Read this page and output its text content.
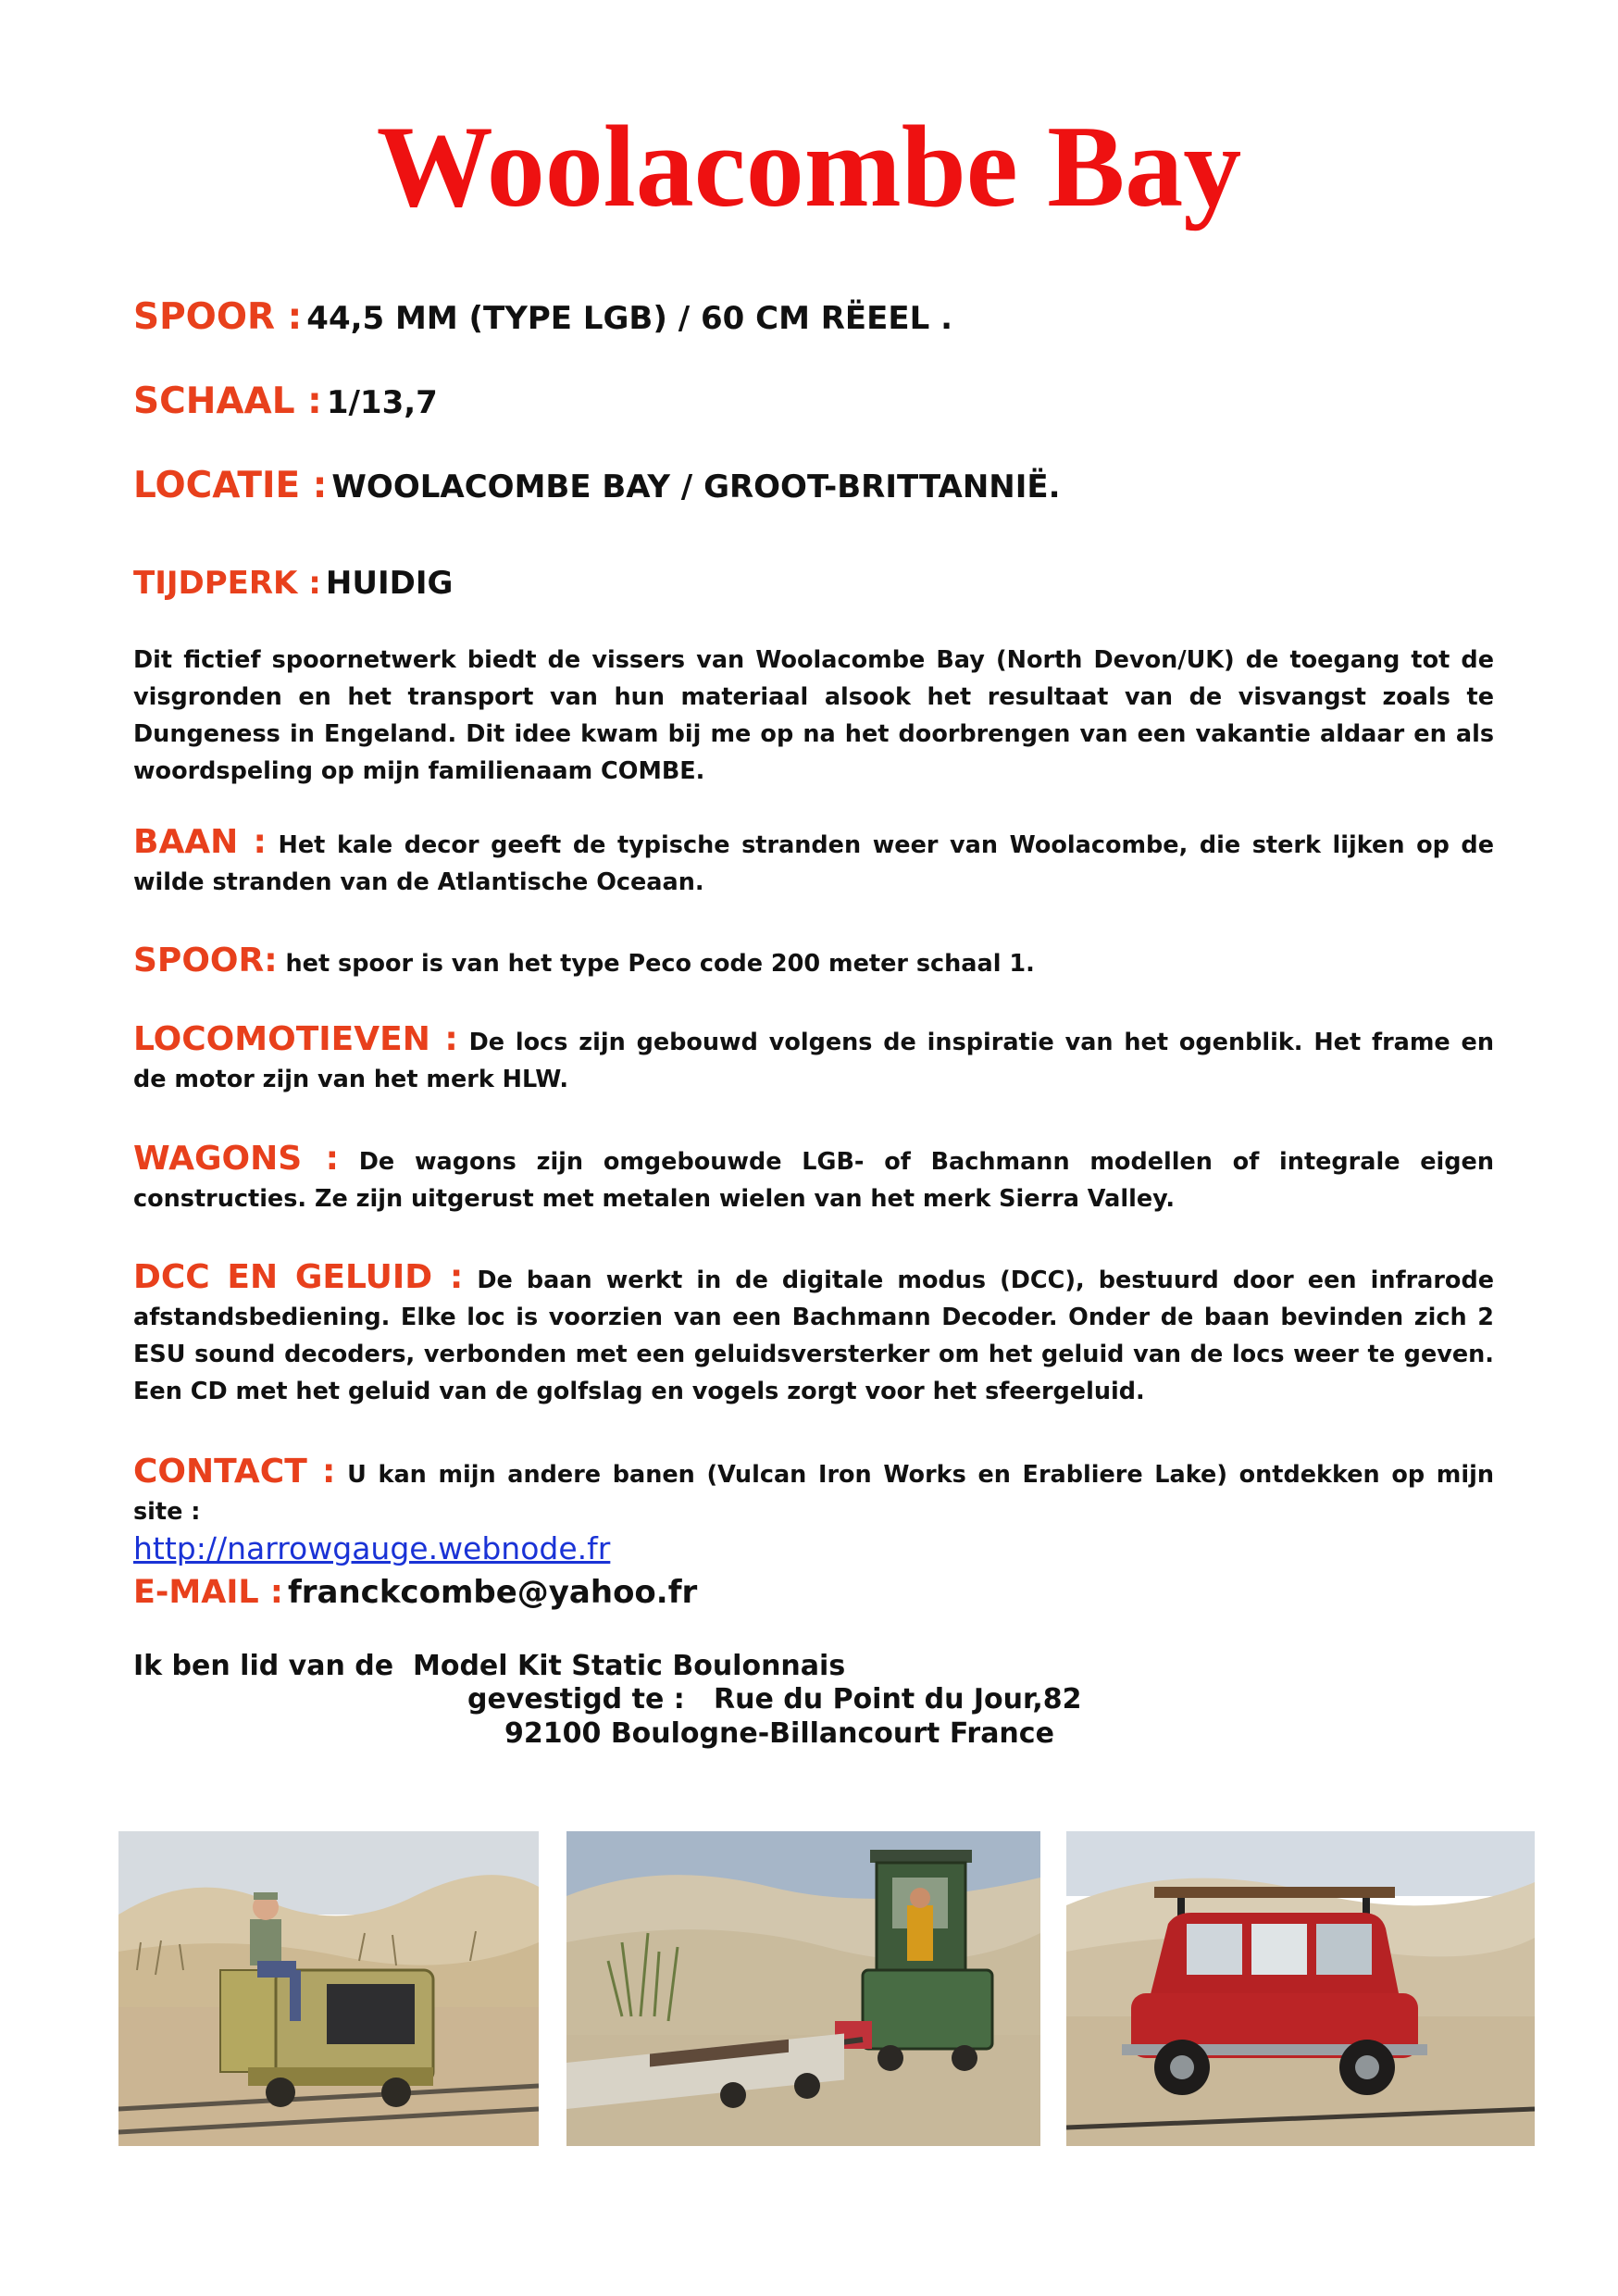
Woolacombe Bay
SPOOR : 44,5 MM (TYPE LGB) / 60 CM RËEEL .
SCHAAL : 1/13,7
LOCATIE : WOOLACOMBE BAY / GROOT-BRITTANNIË.
TIJDPERK : HUIDIG
Dit fictief spoornetwerk biedt de vissers van Woolacombe Bay (North Devon/UK) de toegang tot de visgronden en het transport van hun materiaal alsook het resultaat van de visvangst zoals te Dungeness in Engeland. Dit idee kwam bij me op na het doorbrengen van een vakantie aldaar en als woordspeling op mijn familienaam COMBE.
BAAN : Het kale decor geeft de typische stranden weer van Woolacombe, die sterk lijken op de wilde stranden van de Atlantische Oceaan.
SPOOR: het spoor is van het type Peco code 200 meter schaal 1.
LOCOMOTIEVEN : De locs zijn gebouwd volgens de inspiratie van het ogenblik. Het frame en de motor zijn van het merk HLW.
WAGONS : De wagons zijn omgebouwde LGB- of Bachmann modellen of integrale eigen constructies. Ze zijn uitgerust met metalen wielen van het merk Sierra Valley.
DCC EN GELUID : De baan werkt in de digitale modus (DCC), bestuurd door een infrarode afstandsbediening. Elke loc is voorzien van een Bachmann Decoder. Onder de baan bevinden zich 2 ESU sound decoders, verbonden met een geluidsversterker om het geluid van de locs weer te geven. Een CD met het geluid van de golfslag en vogels zorgt voor het sfeergeluid.
CONTACT : U kan mijn andere banen (Vulcan Iron Works en Erabliere Lake) ontdekken op mijn site :
http://narrowgauge.webnode.fr
E-MAIL : franckcombe@yahoo.fr
Ik ben lid van de  Model Kit Static Boulonnais
gevestigd te :   Rue du Point du Jour,82
92100 Boulogne-Billancourt France
